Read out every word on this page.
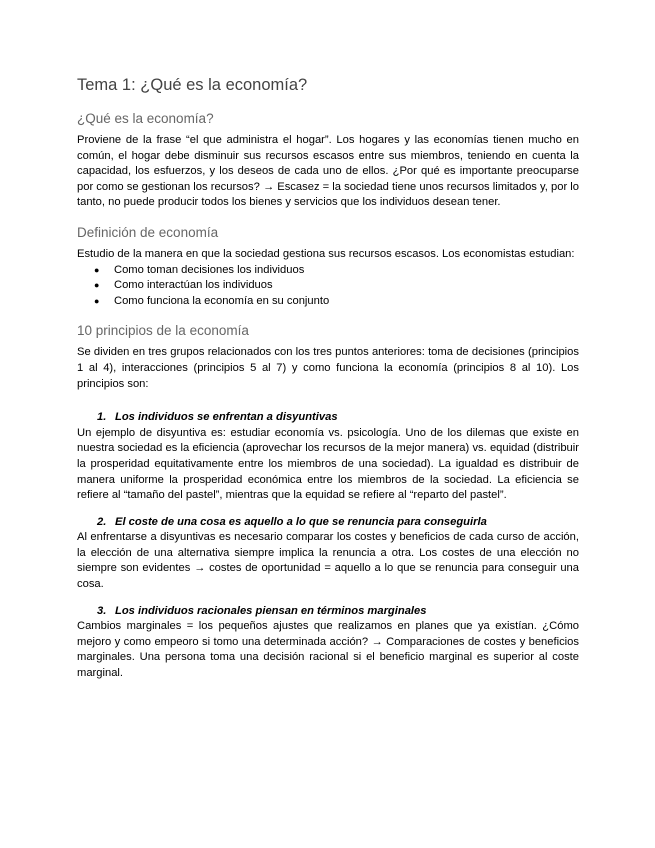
Tema 1: ¿Qué es la economía?
¿Qué es la economía?

Proviene de la frase “el que administra el hogar”. Los hogares y las economías tienen mucho en común, el hogar debe disminuir sus recursos escasos entre sus miembros, teniendo en cuenta la capacidad, los esfuerzos, y los deseos de cada uno de ellos. ¿Por qué es importante preocuparse por como se gestionan los recursos? → Escasez = la sociedad tiene unos recursos limitados y, por lo tanto, no puede producir todos los bienes y servicios que los individuos desean tener.

Definición de economía

Estudio de la manera en que la sociedad gestiona sus recursos escasos. Los economistas estudian:

● Como toman decisiones los individuos
● Como interactúan los individuos
● Como funciona la economía en su conjunto
10 principios de la economía

Se dividen en tres grupos relacionados con los tres puntos anteriores: toma de decisiones (principios 1 al 4), interacciones (principios 5 al 7) y como funciona la economía (principios 8 al 10). Los principios son:

1. Los individuos se enfrentan a disyuntivas

Un ejemplo de disyuntiva es: estudiar economía vs. psicología. Uno de los dilemas que existe en nuestra sociedad es la eficiencia (aprovechar los recursos de la mejor manera) vs. equidad (distribuir la prosperidad equitativamente entre los miembros de una sociedad). La igualdad es distribuir de manera uniforme la prosperidad económica entre los miembros de la sociedad. La eficiencia se refiere al “tamaño del pastel”, mientras que la equidad se refiere al “reparto del pastel”.

2. El coste de una cosa es aquello a lo que se renuncia para conseguirla

Al enfrentarse a disyuntivas es necesario comparar los costes y beneficios de cada curso de acción, la elección de una alternativa siempre implica la renuncia a otra. Los costes de una elección no siempre son evidentes → costes de oportunidad = aquello a lo que se renuncia para conseguir una cosa.

3. Los individuos racionales piensan en términos marginales

Cambios marginales = los pequeños ajustes que realizamos en planes que ya existían. ¿Cómo mejoro y como empeoro si tomo una determinada acción? → Comparaciones de costes y beneficios marginales. Una persona toma una decisión racional si el beneficio marginal es superior al coste marginal.
